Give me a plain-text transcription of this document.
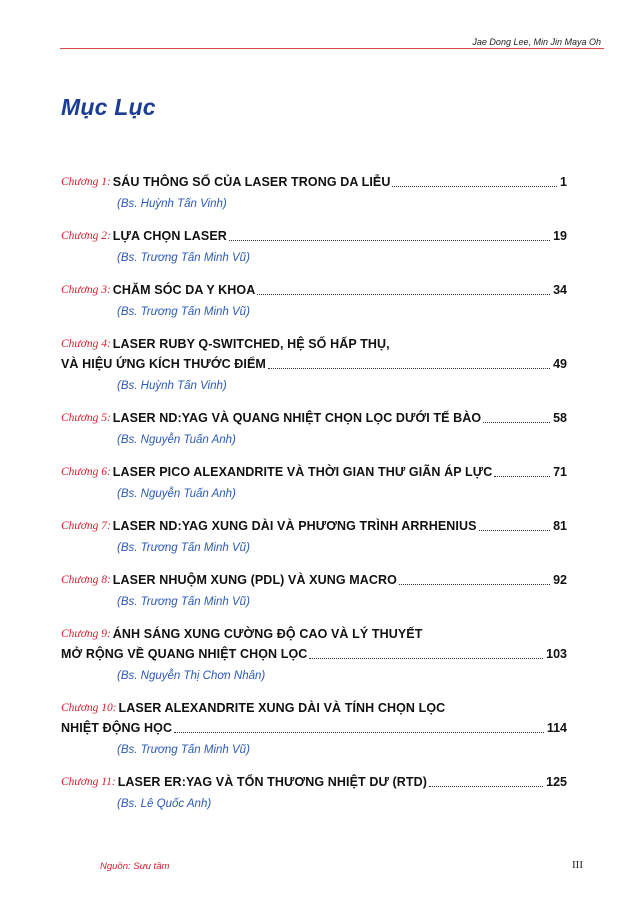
Jae Dong Lee, Min Jin Maya Oh
Mục Lục
Chương 1: SÁU THÔNG SỐ CỦA LASER TRONG DA LIỄU	1
(Bs. Huỳnh Tấn Vinh)
Chương 2: LỰA CHỌN LASER	19
(Bs. Trương Tấn Minh Vũ)
Chương 3: CHĂM SÓC DA Y KHOA	34
(Bs. Trương Tấn Minh Vũ)
Chương 4: LASER RUBY Q-SWITCHED, HỆ SỐ HẤP THỤ,
VÀ HIỆU ỨNG KÍCH THƯỚC ĐIỂM	49
(Bs. Huỳnh Tấn Vinh)
Chương 5: LASER ND:YAG VÀ QUANG NHIỆT CHỌN LỌC DƯỚI TẾ BÀO	58
(Bs. Nguyễn Tuấn Anh)
Chương 6: LASER PICO ALEXANDRITE VÀ THỜI GIAN THƯ GIÃN ÁP LỰC	71
(Bs. Nguyễn Tuấn Anh)
Chương 7: LASER ND:YAG XUNG DÀI VÀ PHƯƠNG TRÌNH ARRHENIUS	81
(Bs. Trương Tấn Minh Vũ)
Chương 8: LASER NHUỘM XUNG (PDL) VÀ XUNG MACRO	92
(Bs. Trương Tấn Minh Vũ)
Chương 9: ÁNH SÁNG XUNG CƯỜNG ĐỘ CAO VÀ LÝ THUYẾT
MỞ RỘNG VỀ QUANG NHIỆT CHỌN LỌC	103
(Bs. Nguyễn Thị Chơn Nhân)
Chương 10: LASER ALEXANDRITE XUNG DÀI VÀ TÍNH CHỌN LỌC
NHIỆT ĐỘNG HỌC	114
(Bs. Trương Tấn Minh Vũ)
Chương 11: LASER ER:YAG VÀ TỔN THƯƠNG NHIỆT DƯ (RTD)	125
(Bs. Lê Quốc Anh)
Nguồn: Sưu tầm	III
